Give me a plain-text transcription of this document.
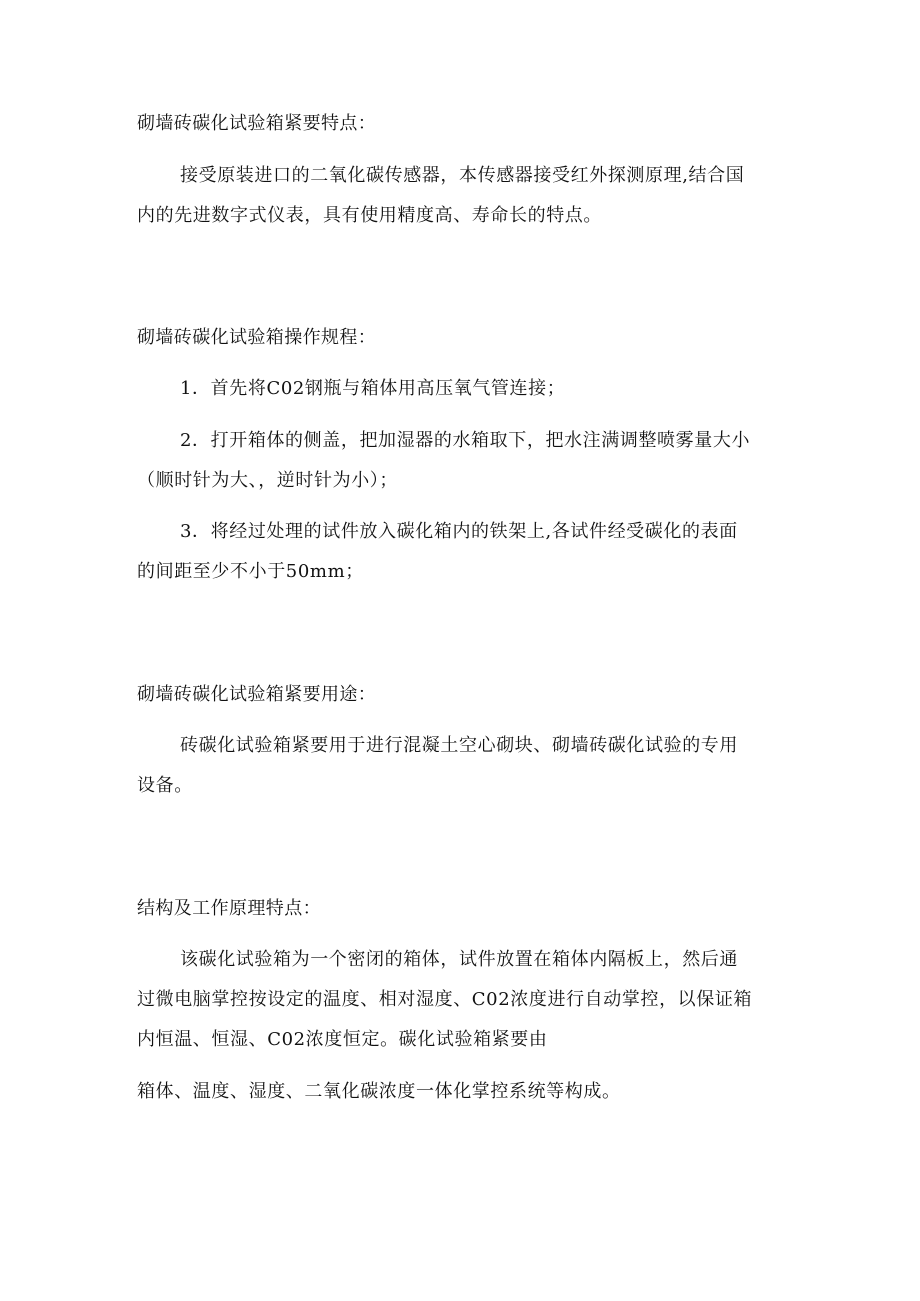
砌墙砖碳化试验箱紧要特点：
接受原装进口的二氧化碳传感器，本传感器接受红外探测原理,结合国
内的先进数字式仪表，具有使用精度高、寿命长的特点。
砌墙砖碳化试验箱操作规程：
1．首先将C02钢瓶与箱体用高压氧气管连接；
2．打开箱体的侧盖，把加湿器的水箱取下，把水注满调整喷雾量大小
（顺时针为大、，逆时针为小）；
3．将经过处理的试件放入碳化箱内的铁架上,各试件经受碳化的表面
的间距至少不小于50mm；
砌墙砖碳化试验箱紧要用途：
砖碳化试验箱紧要用于进行混凝土空心砌块、砌墙砖碳化试验的专用
设备。
结构及工作原理特点：
该碳化试验箱为一个密闭的箱体，试件放置在箱体内隔板上，然后通
过微电脑掌控按设定的温度、相对湿度、C02浓度进行自动掌控，以保证箱
内恒温、恒湿、C02浓度恒定。碳化试验箱紧要由
箱体、温度、湿度、二氧化碳浓度一体化掌控系统等构成。
